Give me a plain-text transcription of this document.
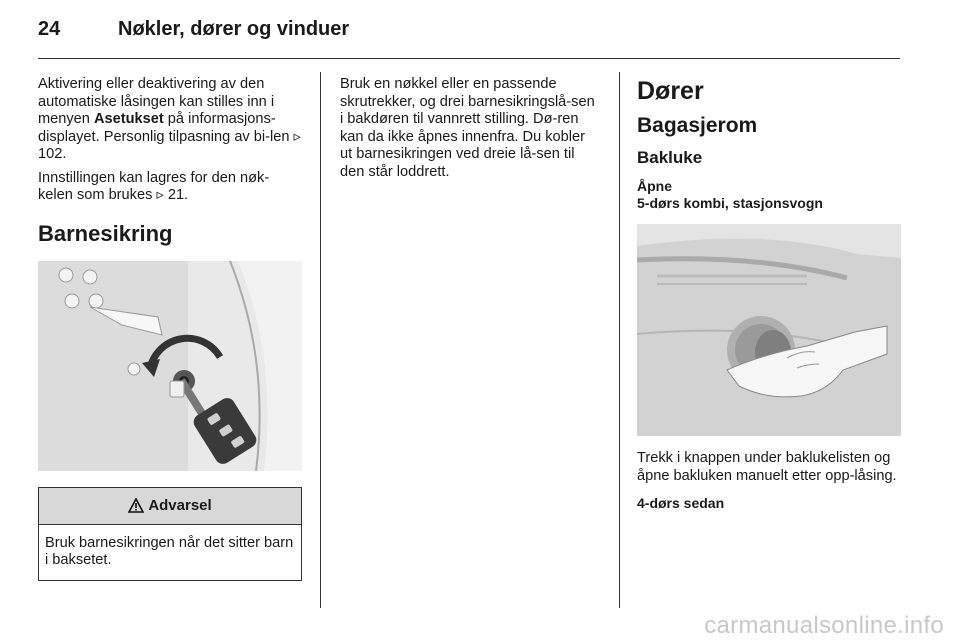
24	Nøkler, dører og vinduer

Aktivering eller deaktivering av den automatiske låsingen kan stilles inn i menyen Asetukset på informasjons-displayet. Personlig tilpasning av bi-len ▹ 102.

Innstillingen kan lagres for den nøk-kelen som brukes ▹ 21.

Barnesikring
Advarsel

Bruk barnesikringen når det sitter barn i baksetet.

Bruk en nøkkel eller en passende skrutrekker, og drei barnesikringslå-sen i bakdøren til vannrett stilling. Dø-ren kan da ikke åpnes innenfra. Du kobler ut barnesikringen ved dreie lå-sen til den står loddrett.

Dører
Bagasjerom
Bakluke

Åpne

5-dørs kombi, stasjonsvogn

Trekk i knappen under baklukelisten og åpne bakluken manuelt etter opp-låsing.

4-dørs sedan

carmanualsonline.info
